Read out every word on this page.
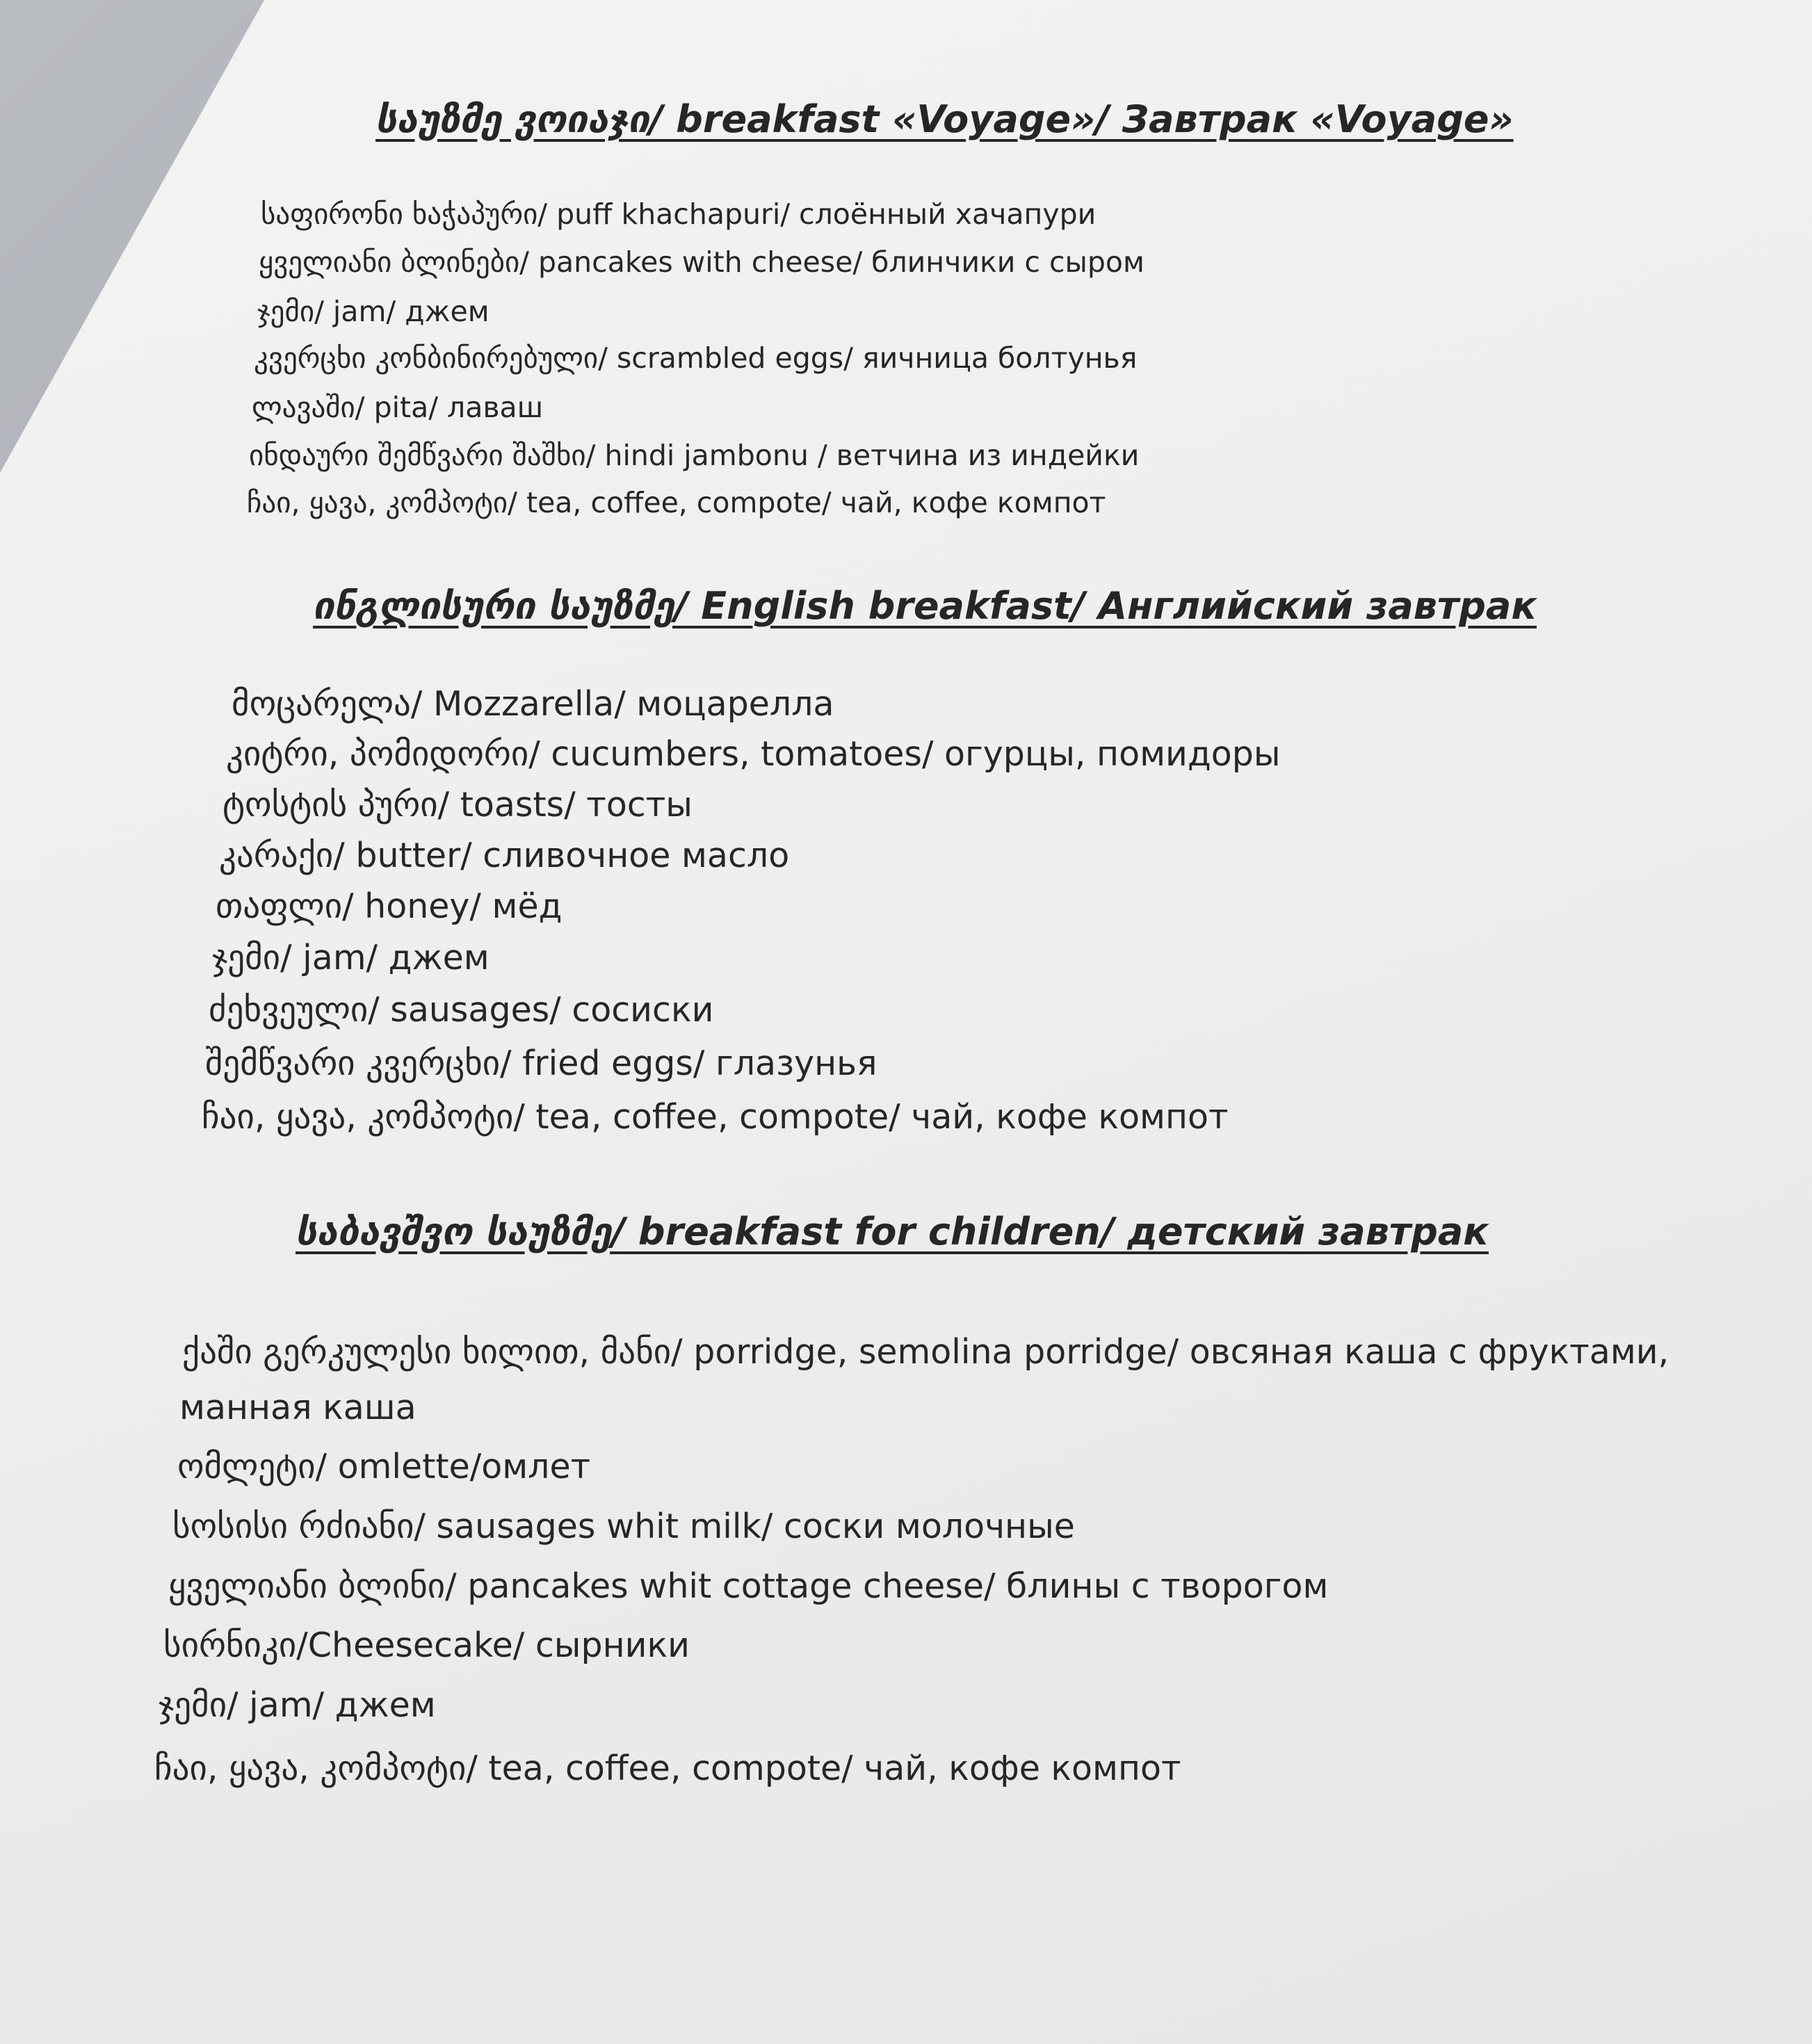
საუზმე ვოიაჯი/ breakfast «Voyage»/ Завтрак «Voyage»
საფირონი ხაჭაპური/ puff khachapuri/ слоённый хачапури
ყველიანი ბლინები/ pancakes with cheese/ блинчики с сыром
ჯემი/ jam/ джем
კვერცხი კონბინირებული/ scrambled eggs/ яичница болтунья
ლავაში/ pita/ лаваш
ინდაური შემწვარი შაშხი/ hindi jambonu / ветчина из индейки
ჩაი, ყავა, კომპოტი/ tea, coffee, compote/ чай, кофе компот
ინგლისური საუზმე/ English breakfast/ Английский завтрак
მოცარელა/ Mozzarella/ моцарелла
კიტრი, პომიდორი/ cucumbers, tomatoes/ огурцы, помидоры
ტოსტის პური/ toasts/ тосты
კარაქი/ butter/ сливочное масло
თაფლი/ honey/ мёд
ჯემი/ jam/ джем
ძეხვეული/ sausages/ сосиски
შემწვარი კვერცხი/ fried eggs/ глазунья
ჩაი, ყავა, კომპოტი/ tea, coffee, compote/ чай, кофе компот
საბავშვო საუზმე/ breakfast for children/ детский завтрак
ქაში გერკულესი ხილით, მანი/ porridge, semolina porridge/ овсяная каша с фруктами,
манная каша
ომლეტი/ omlette/омлет
სოსისი რძიანი/ sausages whit milk/ соски молочные
ყველიანი ბლინი/ pancakes whit cottage cheese/ блины с творогом
სირნიკი/Cheesecake/ сырники
ჯემი/ jam/ джем
ჩაი, ყავა, კომპოტი/ tea, coffee, compote/ чай, кофе компот
